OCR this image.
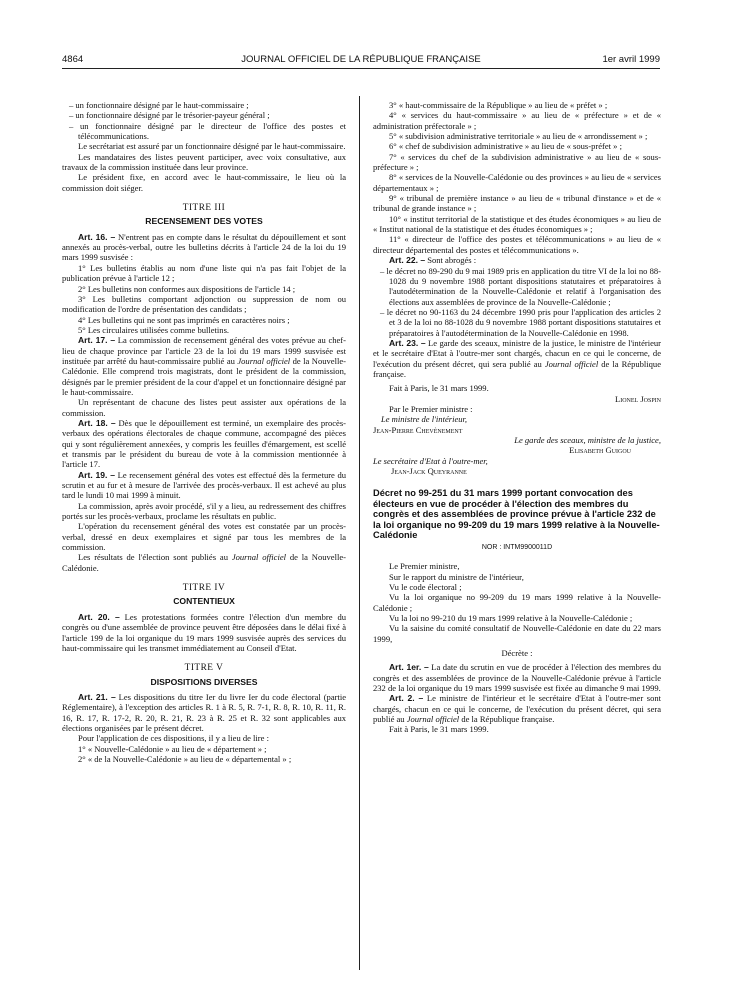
4864	JOURNAL OFFICIEL DE LA RÉPUBLIQUE FRANÇAISE	1er avril 1999

– un fonctionnaire désigné par le haut-commissaire ;

– un fonctionnaire désigné par le trésorier-payeur général ;

– un fonctionnaire désigné par le directeur de l'office des postes et télécommunications.

Le secrétariat est assuré par un fonctionnaire désigné par le haut-commissaire.

Les mandataires des listes peuvent participer, avec voix consultative, aux travaux de la commission instituée dans leur province.

Le président fixe, en accord avec le haut-commissaire, le lieu où la commission doit siéger.

TITRE III

RECENSEMENT DES VOTES

Art. 16. – N'entrent pas en compte dans le résultat du dépouillement et sont annexés au procès-verbal, outre les bulletins décrits à l'article 24 de la loi du 19 mars 1999 susvisée :

1° Les bulletins établis au nom d'une liste qui n'a pas fait l'objet de la publication prévue à l'article 12 ;

2° Les bulletins non conformes aux dispositions de l'article 14 ;

3° Les bulletins comportant adjonction ou suppression de nom ou modification de l'ordre de présentation des candidats ;

4° Les bulletins qui ne sont pas imprimés en caractères noirs ;

5° Les circulaires utilisées comme bulletins.

Art. 17. – La commission de recensement général des votes prévue au chef-lieu de chaque province par l'article 23 de la loi du 19 mars 1999 susvisée est instituée par arrêté du haut-commissaire publié au Journal officiel de la Nouvelle-Calédonie. Elle comprend trois magistrats, dont le président de la commission, désignés par le premier président de la cour d'appel et un fonctionnaire désigné par le haut-commissaire.

Un représentant de chacune des listes peut assister aux opérations de la commission.

Art. 18. – Dès que le dépouillement est terminé, un exemplaire des procès-verbaux des opérations électorales de chaque commune, accompagné des pièces qui y sont régulièrement annexées, y compris les feuilles d'émargement, est scellé et transmis par le président du bureau de vote à la commission mentionnée à l'article 17.

Art. 19. – Le recensement général des votes est effectué dès la fermeture du scrutin et au fur et à mesure de l'arrivée des procès-verbaux. Il est achevé au plus tard le lundi 10 mai 1999 à minuit.

La commission, après avoir procédé, s'il y a lieu, au redressement des chiffres portés sur les procès-verbaux, proclame les résultats en public.

L'opération du recensement général des votes est constatée par un procès-verbal, dressé en deux exemplaires et signé par tous les membres de la commission.

Les résultats de l'élection sont publiés au Journal officiel de la Nouvelle-Calédonie.

TITRE IV

CONTENTIEUX

Art. 20. – Les protestations formées contre l'élection d'un membre du congrès ou d'une assemblée de province peuvent être déposées dans le délai fixé à l'article 199 de la loi organique du 19 mars 1999 susvisée auprès des services du haut-commissaire qui les transmet immédiatement au Conseil d'Etat.

TITRE V

DISPOSITIONS DIVERSES

Art. 21. – Les dispositions du titre Ier du livre Ier du code électoral (partie Réglementaire), à l'exception des articles R. 1 à R. 5, R. 7-1, R. 8, R. 10, R. 11, R. 16, R. 17, R. 17-2, R. 20, R. 21, R. 23 à R. 25 et R. 32 sont applicables aux élections organisées par le présent décret.

Pour l'application de ces dispositions, il y a lieu de lire :

1° « Nouvelle-Calédonie » au lieu de « département » ;

2° « de la Nouvelle-Calédonie » au lieu de « départemental » ;

3° « haut-commissaire de la République » au lieu de « préfet » ;

4° « services du haut-commissaire » au lieu de « préfecture » et de « administration préfectorale » ;

5° « subdivision administrative territoriale » au lieu de « arrondissement » ;

6° « chef de subdivision administrative » au lieu de « sous-préfet » ;

7° « services du chef de la subdivision administrative » au lieu de « sous-préfecture » ;

8° « services de la Nouvelle-Calédonie ou des provinces » au lieu de « services départementaux » ;

9° « tribunal de première instance » au lieu de « tribunal d'instance » et de « tribunal de grande instance » ;

10° « institut territorial de la statistique et des études économiques » au lieu de « Institut national de la statistique et des études économiques » ;

11° « directeur de l'office des postes et télécommunications » au lieu de « directeur départemental des postes et télécommunications ».

Art. 22. – Sont abrogés :

– le décret no 89-290 du 9 mai 1989 pris en application du titre VI de la loi no 88-1028 du 9 novembre 1988 portant dispositions statutaires et préparatoires à l'autodétermination de la Nouvelle-Calédonie et relatif à l'organisation des élections aux assemblées de province de la Nouvelle-Calédonie ;

– le décret no 90-1163 du 24 décembre 1990 pris pour l'application des articles 2 et 3 de la loi no 88-1028 du 9 novembre 1988 portant dispositions statutaires et préparatoires à l'autodétermination de la Nouvelle-Calédonie en 1998.

Art. 23. – Le garde des sceaux, ministre de la justice, le ministre de l'intérieur et le secrétaire d'Etat à l'outre-mer sont chargés, chacun en ce qui le concerne, de l'exécution du présent décret, qui sera publié au Journal officiel de la République française.

Fait à Paris, le 31 mars 1999.

Lionel Jospin

Par le Premier ministre :

Le ministre de l'intérieur,

Jean-Pierre Chevènement

Le garde des sceaux, ministre de la justice,

Elisabeth Guigou

Le secrétaire d'Etat à l'outre-mer,

Jean-Jack Queyranne

Décret no 99-251 du 31 mars 1999 portant convocation des électeurs en vue de procéder à l'élection des membres du congrès et des assemblées de province prévue à l'article 232 de la loi organique no 99-209 du 19 mars 1999 relative à la Nouvelle-Calédonie

NOR : INTM9900011D

Le Premier ministre,

Sur le rapport du ministre de l'intérieur,

Vu le code électoral ;

Vu la loi organique no 99-209 du 19 mars 1999 relative à la Nouvelle-Calédonie ;

Vu la loi no 99-210 du 19 mars 1999 relative à la Nouvelle-Calédonie ;

Vu la saisine du comité consultatif de Nouvelle-Calédonie en date du 22 mars 1999,

Décrète :

Art. 1er. – La date du scrutin en vue de procéder à l'élection des membres du congrès et des assemblées de province de la Nouvelle-Calédonie prévue à l'article 232 de la loi organique du 19 mars 1999 susvisée est fixée au dimanche 9 mai 1999.

Art. 2. – Le ministre de l'intérieur et le secrétaire d'Etat à l'outre-mer sont chargés, chacun en ce qui le concerne, de l'exécution du présent décret, qui sera publié au Journal officiel de la République française.

Fait à Paris, le 31 mars 1999.
